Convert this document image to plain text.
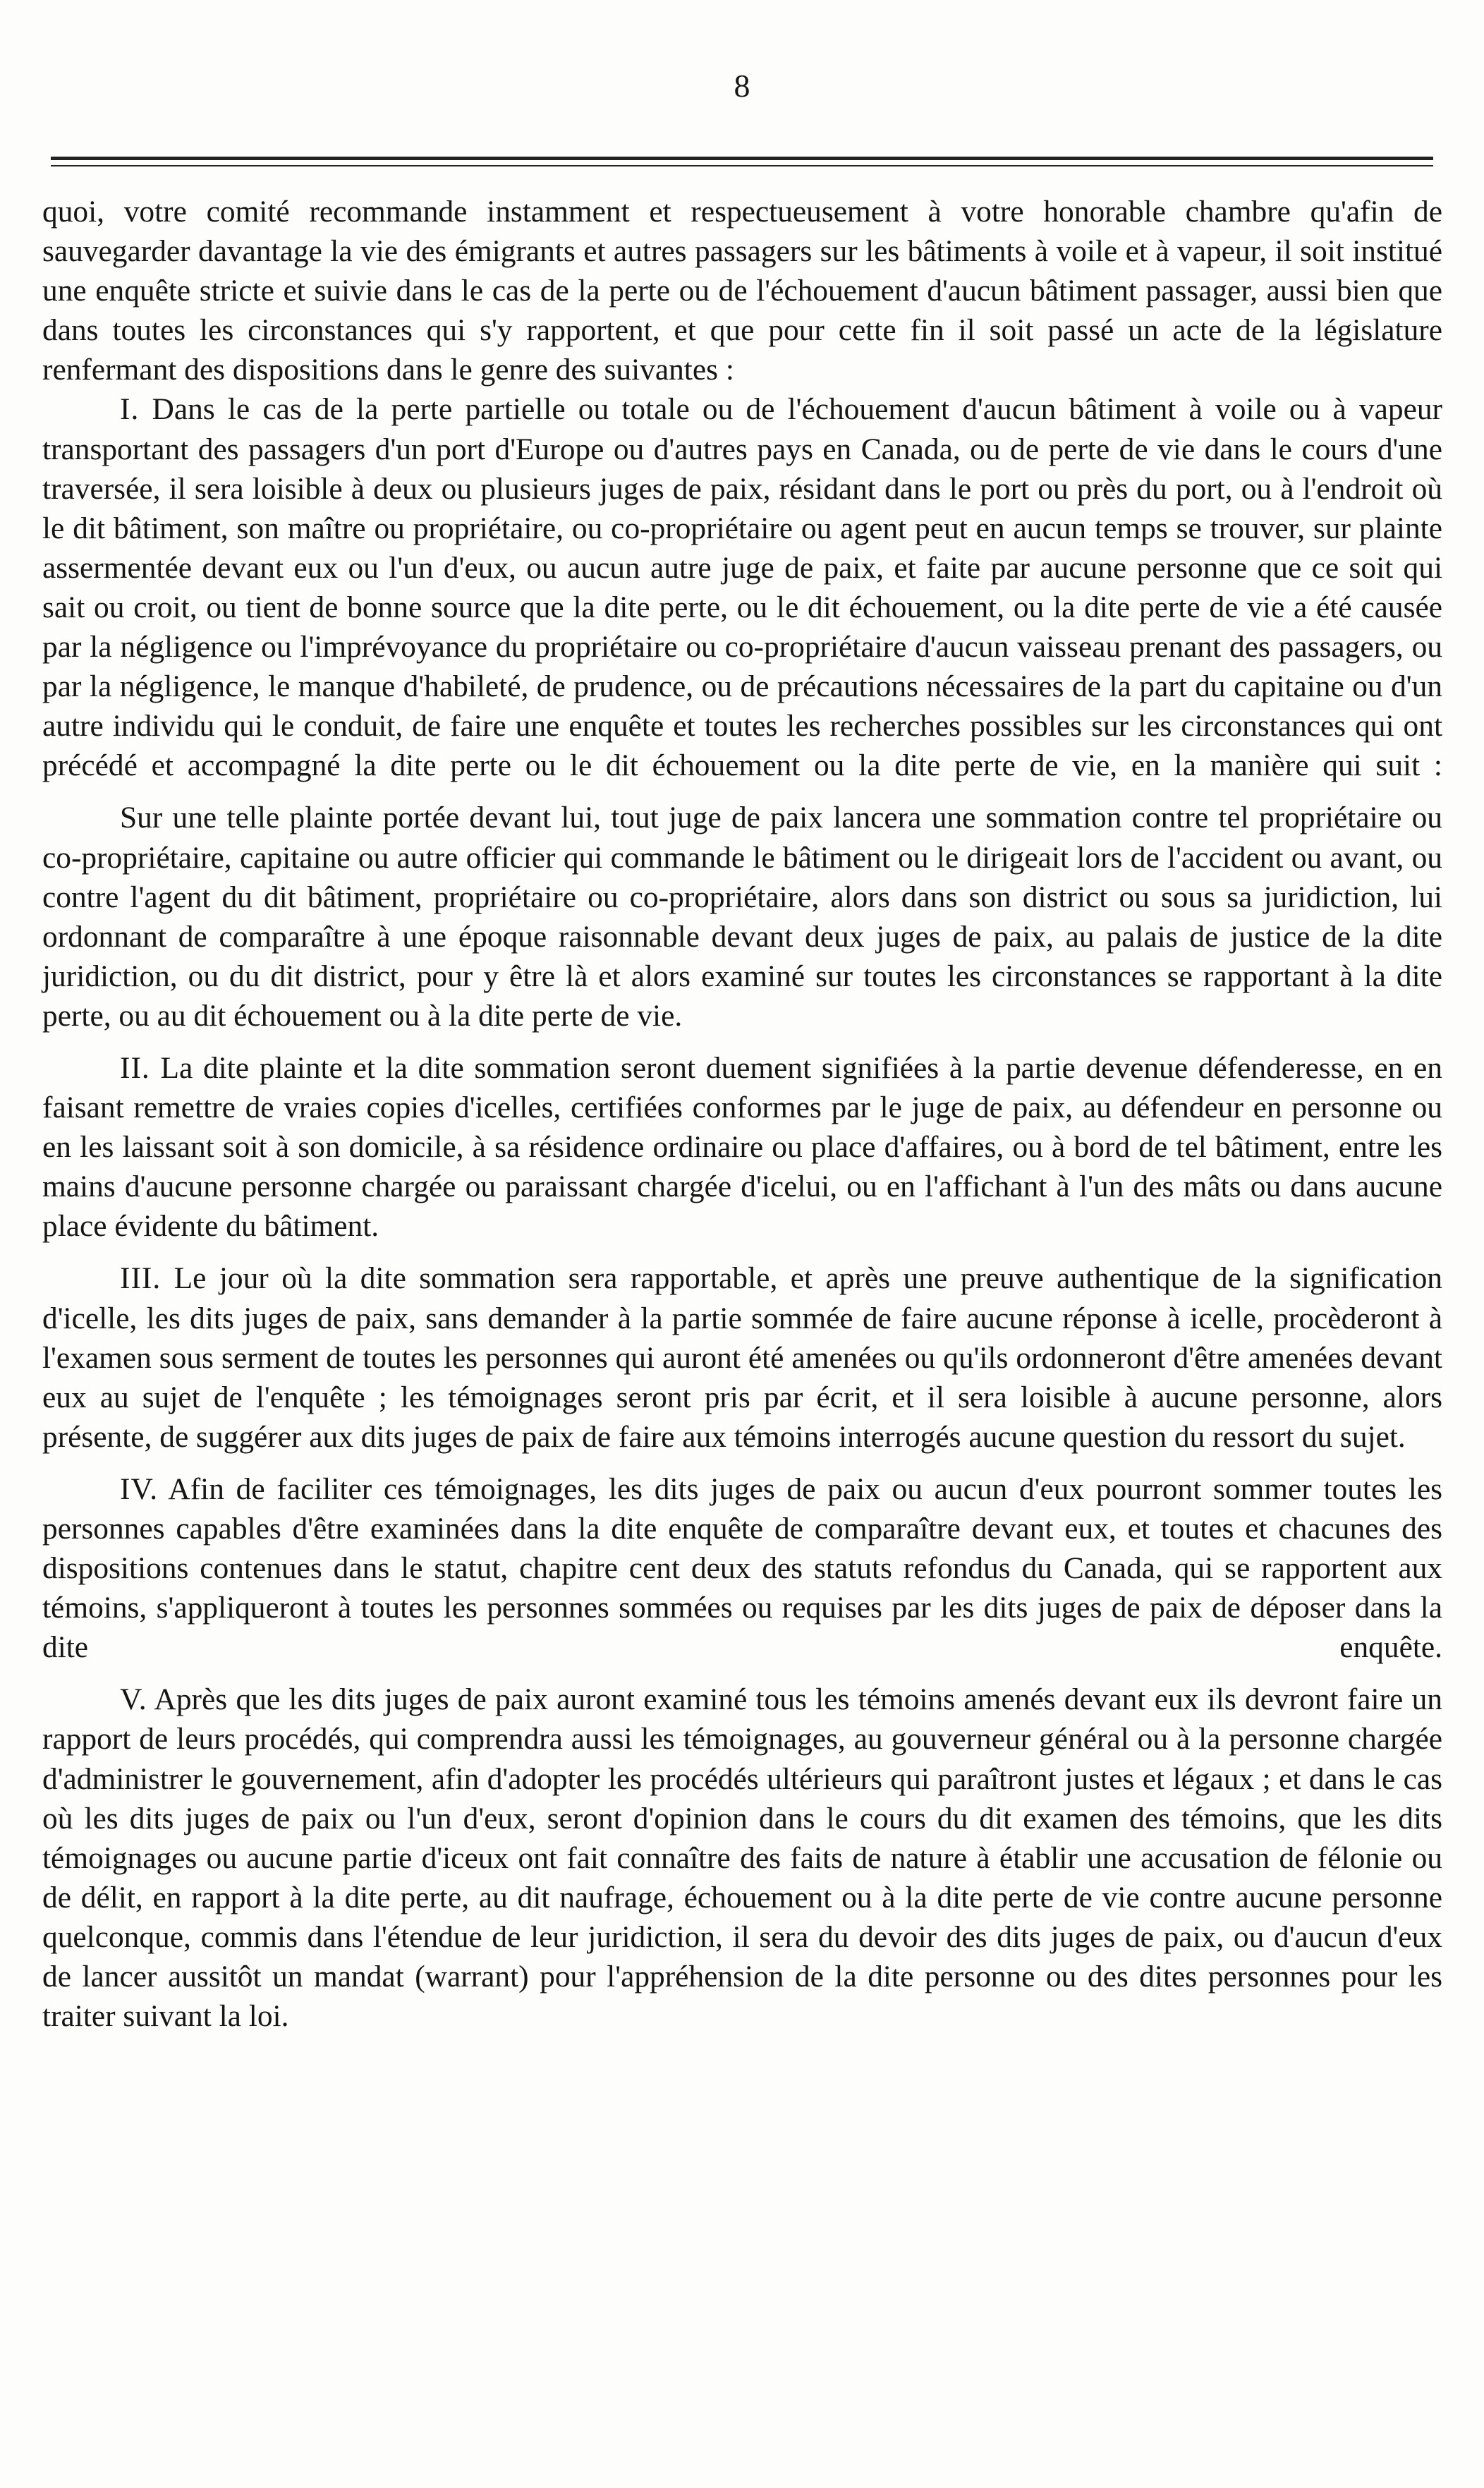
8

quoi, votre comité recommande instamment et respectueusement à votre honorable chambre qu'afin de sauvegarder davantage la vie des émigrants et autres passagers sur les bâtiments à voile et à vapeur, il soit institué une enquête stricte et suivie dans le cas de la perte ou de l'échouement d'aucun bâtiment passager, aussi bien que dans toutes les circonstances qui s'y rapportent, et que pour cette fin il soit passé un acte de la législature renfermant des dispositions dans le genre des suivantes :

I. Dans le cas de la perte partielle ou totale ou de l'échouement d'aucun bâtiment à voile ou à vapeur transportant des passagers d'un port d'Europe ou d'autres pays en Canada, ou de perte de vie dans le cours d'une traversée, il sera loisible à deux ou plusieurs juges de paix, résidant dans le port ou près du port, ou à l'endroit où le dit bâtiment, son maître ou propriétaire, ou co-propriétaire ou agent peut en aucun temps se trouver, sur plainte assermentée devant eux ou l'un d'eux, ou aucun autre juge de paix, et faite par aucune personne que ce soit qui sait ou croit, ou tient de bonne source que la dite perte, ou le dit échouement, ou la dite perte de vie a été causée par la négligence ou l'imprévoyance du propriétaire ou co-propriétaire d'aucun vaisseau prenant des passagers, ou par la négligence, le manque d'habileté, de prudence, ou de précautions nécessaires de la part du capitaine ou d'un autre individu qui le conduit, de faire une enquête et toutes les recherches possibles sur les circonstances qui ont précédé et accompagné la dite perte ou le dit échouement ou la dite perte de vie, en la manière qui suit :

Sur une telle plainte portée devant lui, tout juge de paix lancera une sommation contre tel propriétaire ou co-propriétaire, capitaine ou autre officier qui commande le bâtiment ou le dirigeait lors de l'accident ou avant, ou contre l'agent du dit bâtiment, propriétaire ou co-propriétaire, alors dans son district ou sous sa juridiction, lui ordonnant de comparaître à une époque raisonnable devant deux juges de paix, au palais de justice de la dite juridiction, ou du dit district, pour y être là et alors examiné sur toutes les circonstances se rapportant à la dite perte, ou au dit échouement ou à la dite perte de vie.

II. La dite plainte et la dite sommation seront duement signifiées à la partie devenue défenderesse, en en faisant remettre de vraies copies d'icelles, certifiées conformes par le juge de paix, au défendeur en personne ou en les laissant soit à son domicile, à sa résidence ordinaire ou place d'affaires, ou à bord de tel bâtiment, entre les mains d'aucune personne chargée ou paraissant chargée d'icelui, ou en l'affichant à l'un des mâts ou dans aucune place évidente du bâtiment.

III. Le jour où la dite sommation sera rapportable, et après une preuve authentique de la signification d'icelle, les dits juges de paix, sans demander à la partie sommée de faire aucune réponse à icelle, procèderont à l'examen sous serment de toutes les personnes qui auront été amenées ou qu'ils ordonneront d'être amenées devant eux au sujet de l'enquête ; les témoignages seront pris par écrit, et il sera loisible à aucune personne, alors présente, de suggérer aux dits juges de paix de faire aux témoins interrogés aucune question du ressort du sujet.

IV. Afin de faciliter ces témoignages, les dits juges de paix ou aucun d'eux pourront sommer toutes les personnes capables d'être examinées dans la dite enquête de comparaître devant eux, et toutes et chacunes des dispositions contenues dans le statut, chapitre cent deux des statuts refondus du Canada, qui se rapportent aux témoins, s'appliqueront à toutes les personnes sommées ou requises par les dits juges de paix de déposer dans la dite enquête.

V. Après que les dits juges de paix auront examiné tous les témoins amenés devant eux ils devront faire un rapport de leurs procédés, qui comprendra aussi les témoignages, au gouverneur général ou à la personne chargée d'administrer le gouvernement, afin d'adopter les procédés ultérieurs qui paraîtront justes et légaux ; et dans le cas où les dits juges de paix ou l'un d'eux, seront d'opinion dans le cours du dit examen des témoins, que les dits témoignages ou aucune partie d'iceux ont fait connaître des faits de nature à établir une accusation de félonie ou de délit, en rapport à la dite perte, au dit naufrage, échouement ou à la dite perte de vie contre aucune personne quelconque, commis dans l'étendue de leur juridiction, il sera du devoir des dits juges de paix, ou d'aucun d'eux de lancer aussitôt un mandat (warrant) pour l'appréhension de la dite personne ou des dites personnes pour les traiter suivant la loi.
